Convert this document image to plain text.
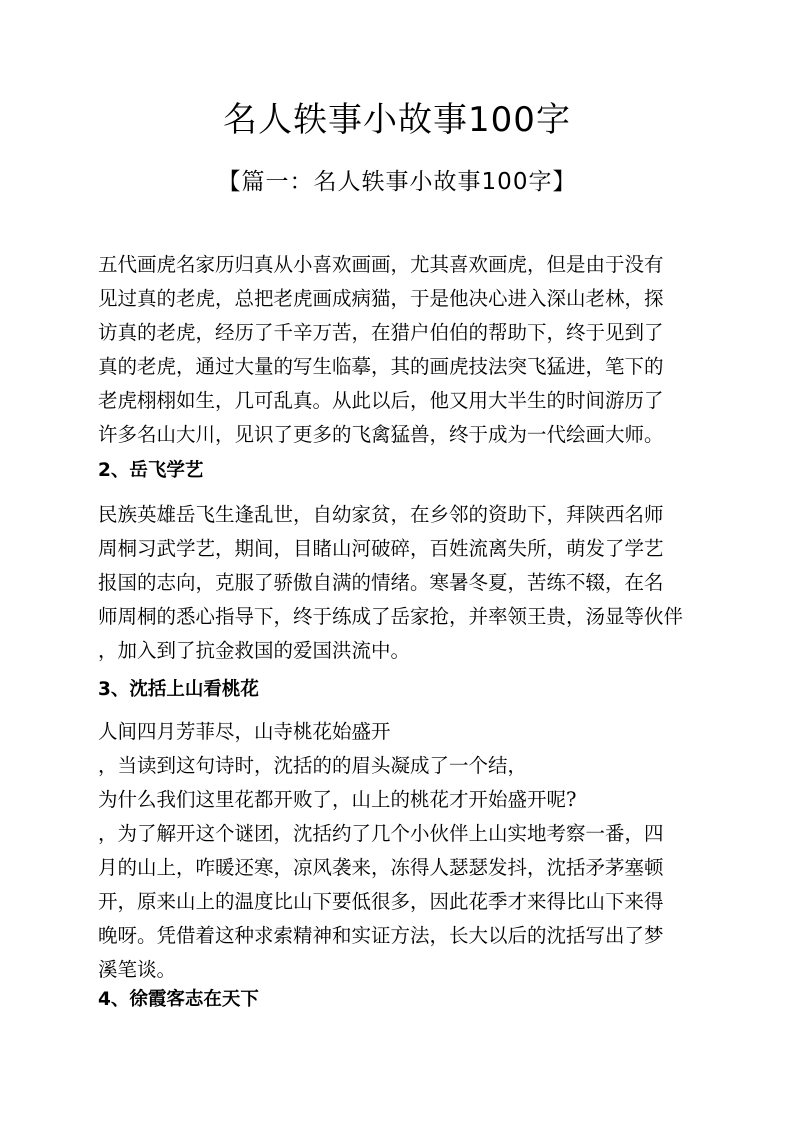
名人轶事小故事100字
【篇一：名人轶事小故事100字】
五代画虎名家历归真从小喜欢画画，尤其喜欢画虎，但是由于没有
见过真的老虎，总把老虎画成病猫，于是他决心进入深山老林，探
访真的老虎，经历了千辛万苦，在猎户伯伯的帮助下，终于见到了
真的老虎，通过大量的写生临摹，其的画虎技法突飞猛进，笔下的
老虎栩栩如生，几可乱真。从此以后，他又用大半生的时间游历了
许多名山大川，见识了更多的飞禽猛兽，终于成为一代绘画大师。
2、岳飞学艺
民族英雄岳飞生逢乱世，自幼家贫，在乡邻的资助下，拜陕西名师
周桐习武学艺，期间，目睹山河破碎，百姓流离失所，萌发了学艺
报国的志向，克服了骄傲自满的情绪。寒暑冬夏，苦练不辍，在名
师周桐的悉心指导下，终于练成了岳家抢，并率领王贵，汤显等伙伴
，加入到了抗金救国的爱国洪流中。
3、沈括上山看桃花
人间四月芳菲尽，山寺桃花始盛开
，当读到这句诗时，沈括的的眉头凝成了一个结，
为什么我们这里花都开败了，山上的桃花才开始盛开呢?
，为了解开这个谜团，沈括约了几个小伙伴上山实地考察一番，四
月的山上，咋暖还寒，凉风袭来，冻得人瑟瑟发抖，沈括矛茅塞顿
开，原来山上的温度比山下要低很多，因此花季才来得比山下来得
晚呀。凭借着这种求索精神和实证方法，长大以后的沈括写出了梦
溪笔谈。
4、徐霞客志在天下
